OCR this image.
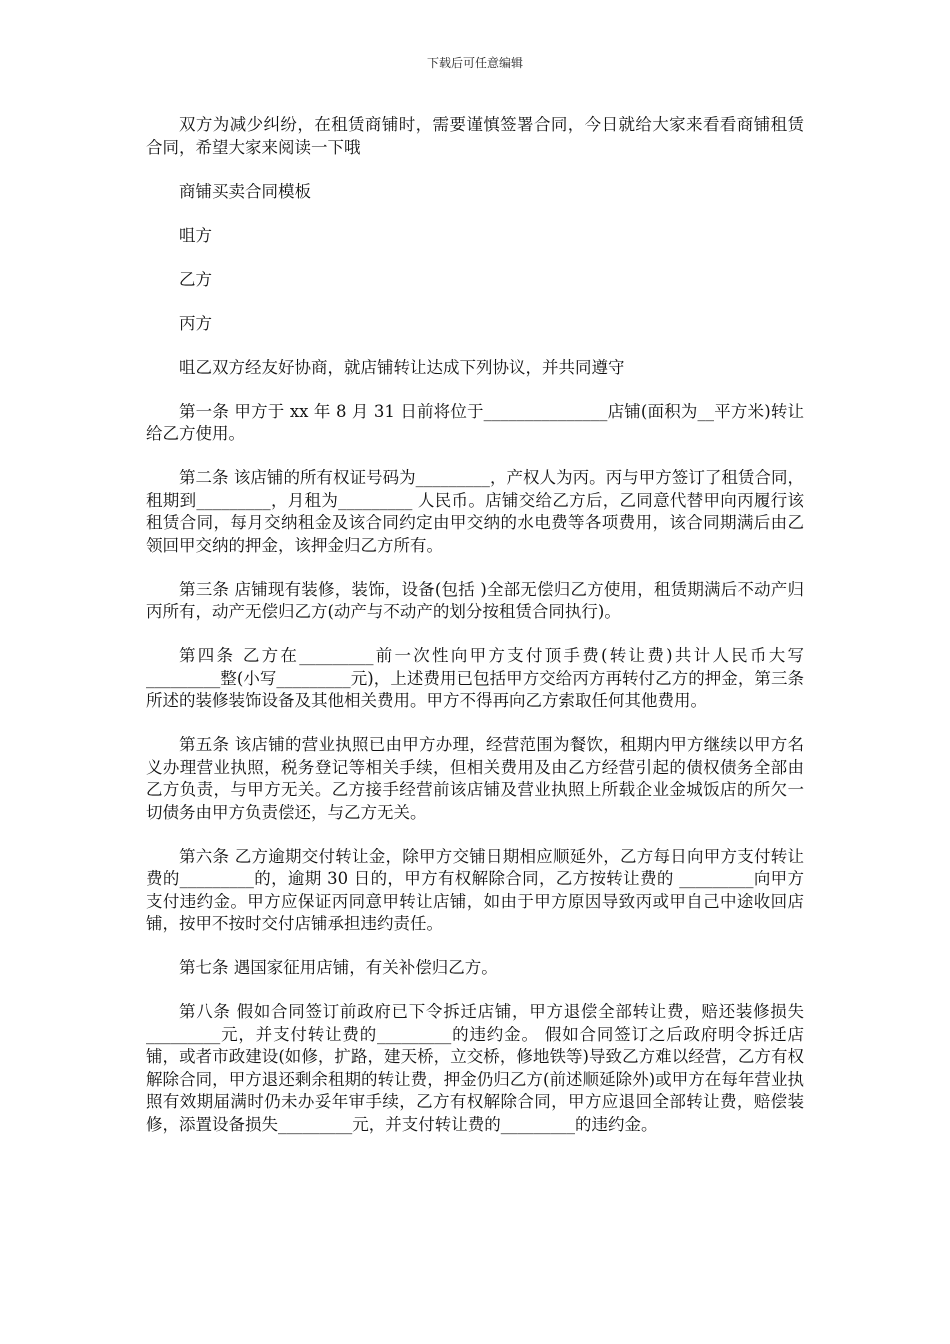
下载后可任意编辑

双方为减少纠纷，在租赁商铺时，需要谨慎签署合同，今日就给大家来看看商铺租赁合同，希望大家来阅读一下哦

商铺买卖合同模板

咀方

乙方

丙方

咀乙双方经友好协商，就店铺转让达成下列协议，并共同遵守

第一条 甲方于 xx 年 8 月 31 日前将位于_______________店铺(面积为__平方米)转让给乙方使用。

第二条 该店铺的所有权证号码为_________，产权人为丙。丙与甲方签订了租赁合同，租期到_________，月租为_________ 人民币。店铺交给乙方后，乙同意代替甲向丙履行该租赁合同，每月交纳租金及该合同约定由甲交纳的水电费等各项费用，该合同期满后由乙领回甲交纳的押金，该押金归乙方所有。

第三条 店铺现有装修，装饰，设备(包括 )全部无偿归乙方使用，租赁期满后不动产归丙所有，动产无偿归乙方(动产与不动产的划分按租赁合同执行)。

第四条 乙方在_________前一次性向甲方支付顶手费(转让费)共计人民币大写_________整(小写_________元)，上述费用已包括甲方交给丙方再转付乙方的押金，第三条所述的装修装饰设备及其他相关费用。甲方不得再向乙方索取任何其他费用。

第五条 该店铺的营业执照已由甲方办理，经营范围为餐饮，租期内甲方继续以甲方名义办理营业执照，税务登记等相关手续，但相关费用及由乙方经营引起的债权债务全部由乙方负责，与甲方无关。乙方接手经营前该店铺及营业执照上所载企业金城饭店的所欠一切债务由甲方负责偿还，与乙方无关。

第六条 乙方逾期交付转让金，除甲方交铺日期相应顺延外，乙方每日向甲方支付转让费的_________的，逾期 30 日的，甲方有权解除合同，乙方按转让费的 _________向甲方支付违约金。甲方应保证丙同意甲转让店铺，如由于甲方原因导致丙或甲自己中途收回店铺，按甲不按时交付店铺承担违约责任。

第七条 遇国家征用店铺，有关补偿归乙方。

第八条 假如合同签订前政府已下令拆迁店铺，甲方退偿全部转让费，赔还装修损失_________元，并支付转让费的_________的违约金。 假如合同签订之后政府明令拆迁店铺，或者市政建设(如修，扩路，建天桥，立交桥，修地铁等)导致乙方难以经营，乙方有权解除合同，甲方退还剩余租期的转让费，押金仍归乙方(前述顺延除外)或甲方在每年营业执照有效期届满时仍未办妥年审手续，乙方有权解除合同，甲方应退回全部转让费，赔偿装修，添置设备损失_________元，并支付转让费的_________的违约金。
